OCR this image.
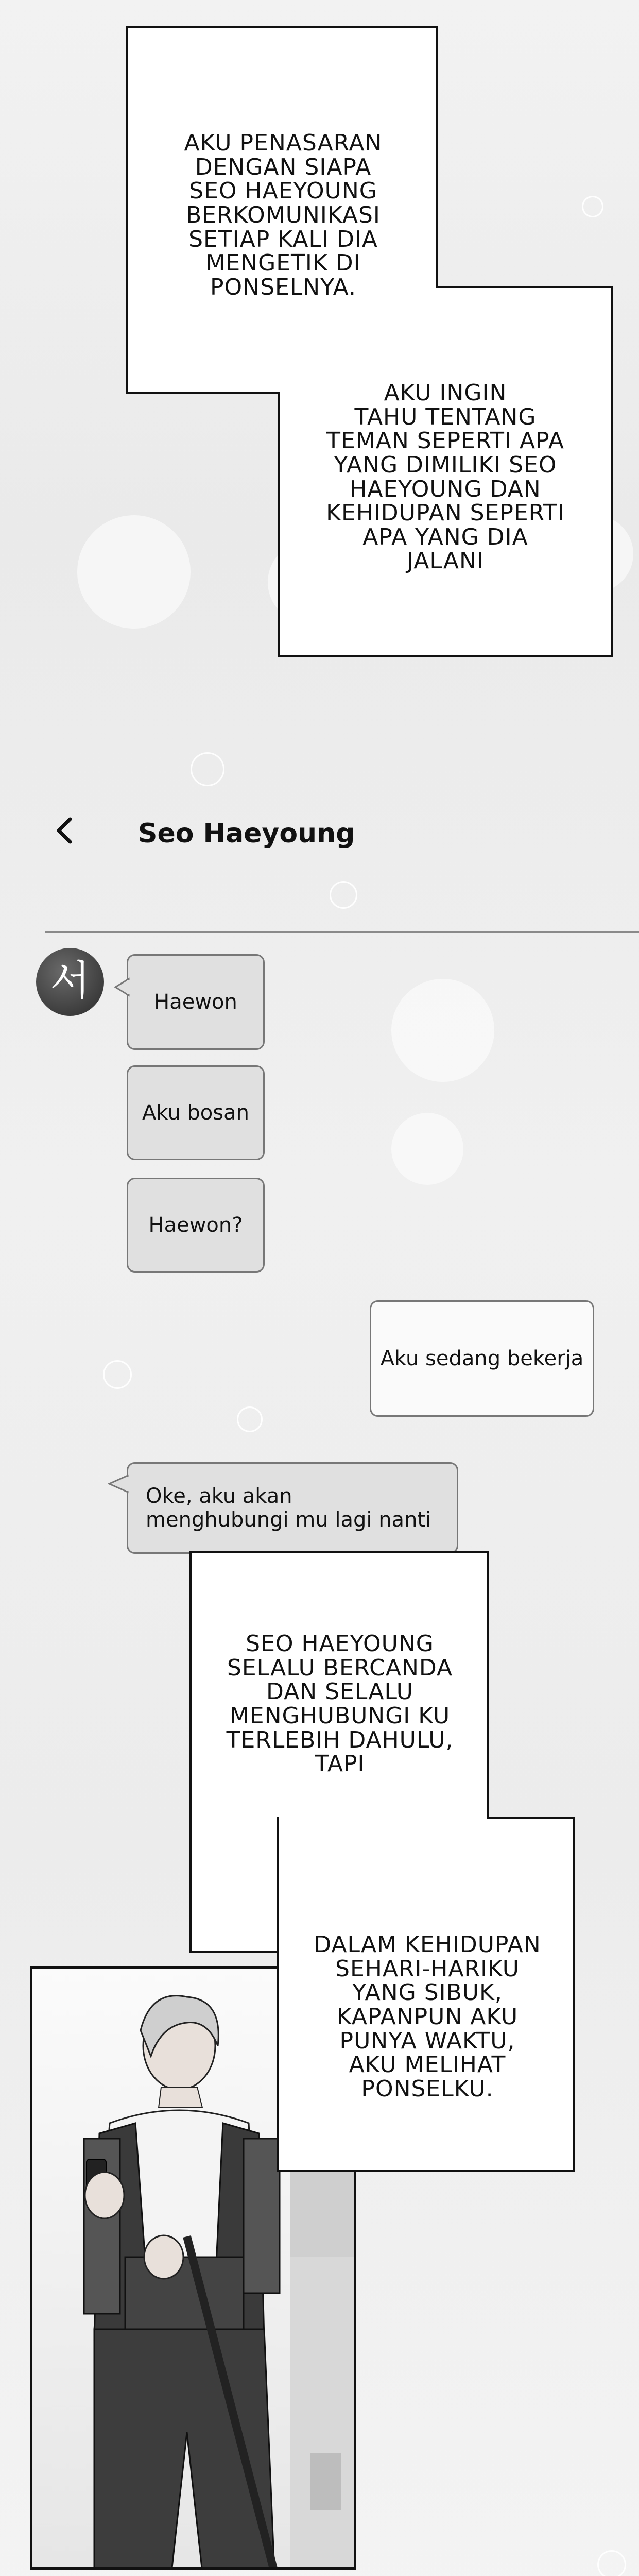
AKU PENASARAN
DENGAN SIAPA
SEO HAEYOUNG
BERKOMUNIKASI
SETIAP KALI DIA
MENGETIK DI
PONSELNYA.
AKU INGIN
TAHU TENTANG
TEMAN SEPERTI APA
YANG DIMILIKI SEO
HAEYOUNG DAN
KEHIDUPAN SEPERTI
APA YANG DIA
JALANI
Seo Haeyoung
서	Haewon
Aku bosan
Haewon?
Aku sedang bekerja
Oke, aku akan
menghubungi mu lagi nanti
SEO HAEYOUNG
SELALU BERCANDA
DAN SELALU
MENGHUBUNGI KU
TERLEBIH DAHULU,
TAPI
DALAM KEHIDUPAN
SEHARI-HARIKU
YANG SIBUK,
KAPANPUN AKU
PUNYA WAKTU,
AKU MELIHAT
PONSELKU.
